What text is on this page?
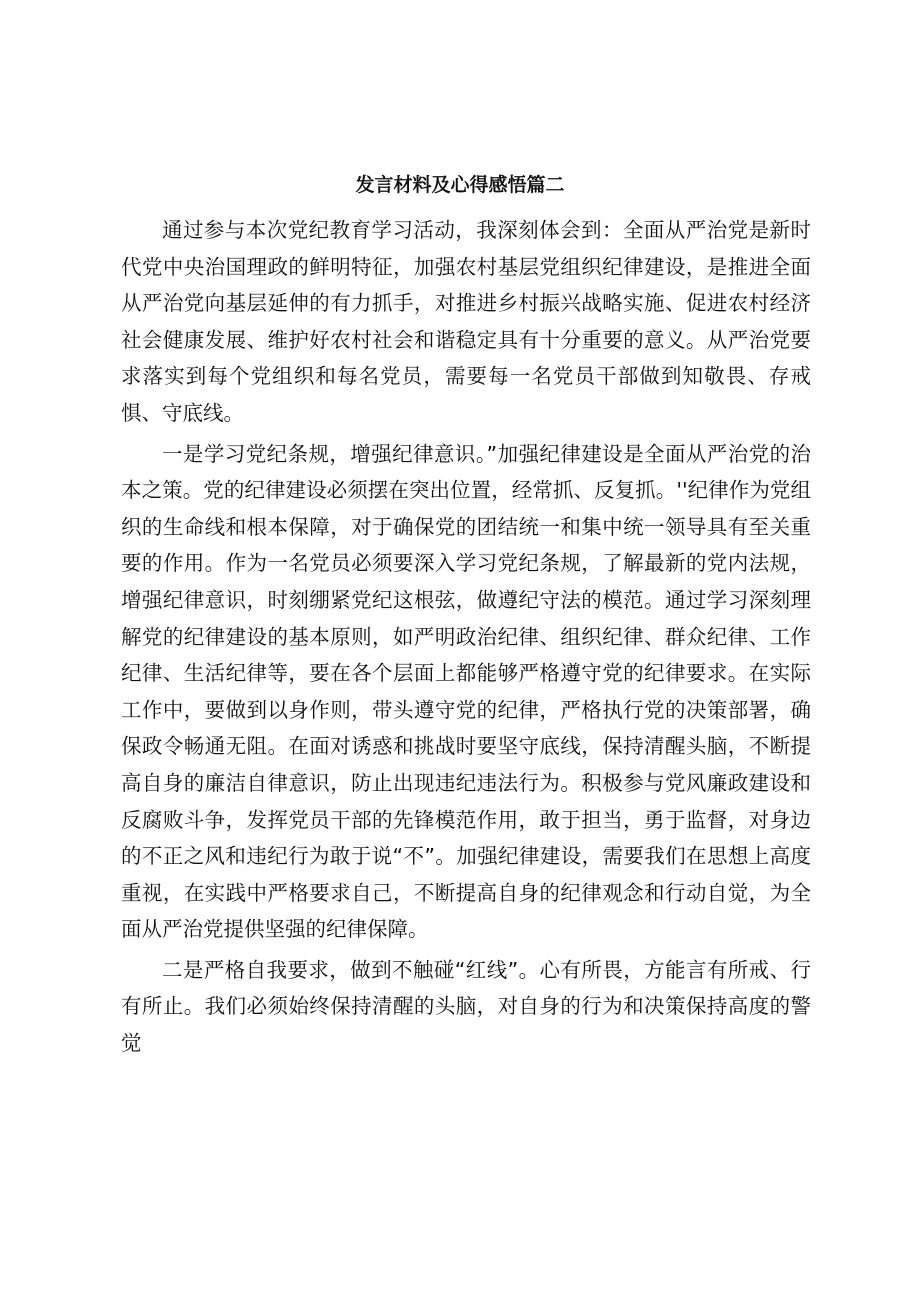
发言材料及心得感悟篇二

通过参与本次党纪教育学习活动，我深刻体会到：全面从严治党是新时代党中央治国理政的鲜明特征，加强农村基层党组织纪律建设，是推进全面从严治党向基层延伸的有力抓手，对推进乡村振兴战略实施、促进农村经济社会健康发展、维护好农村社会和谐稳定具有十分重要的意义。从严治党要求落实到每个党组织和每名党员，需要每一名党员干部做到知敬畏、存戒惧、守底线。

一是学习党纪条规，增强纪律意识。”加强纪律建设是全面从严治党的治本之策。党的纪律建设必须摆在突出位置，经常抓、反复抓。''纪律作为党组织的生命线和根本保障，对于确保党的团结统一和集中统一领导具有至关重要的作用。作为一名党员必须要深入学习党纪条规，了解最新的党内法规，增强纪律意识，时刻绷紧党纪这根弦，做遵纪守法的模范。通过学习深刻理解党的纪律建设的基本原则，如严明政治纪律、组织纪律、群众纪律、工作纪律、生活纪律等，要在各个层面上都能够严格遵守党的纪律要求。在实际工作中，要做到以身作则，带头遵守党的纪律，严格执行党的决策部署，确保政令畅通无阻。在面对诱惑和挑战时要坚守底线，保持清醒头脑，不断提高自身的廉洁自律意识，防止出现违纪违法行为。积极参与党风廉政建设和反腐败斗争，发挥党员干部的先锋模范作用，敢于担当，勇于监督，对身边的不正之风和违纪行为敢于说“不”。加强纪律建设，需要我们在思想上高度重视，在实践中严格要求自己，不断提高自身的纪律观念和行动自觉，为全面从严治党提供坚强的纪律保障。

二是严格自我要求，做到不触碰“红线”。心有所畏，方能言有所戒、行有所止。我们必须始终保持清醒的头脑，对自身的行为和决策保持高度的警觉
